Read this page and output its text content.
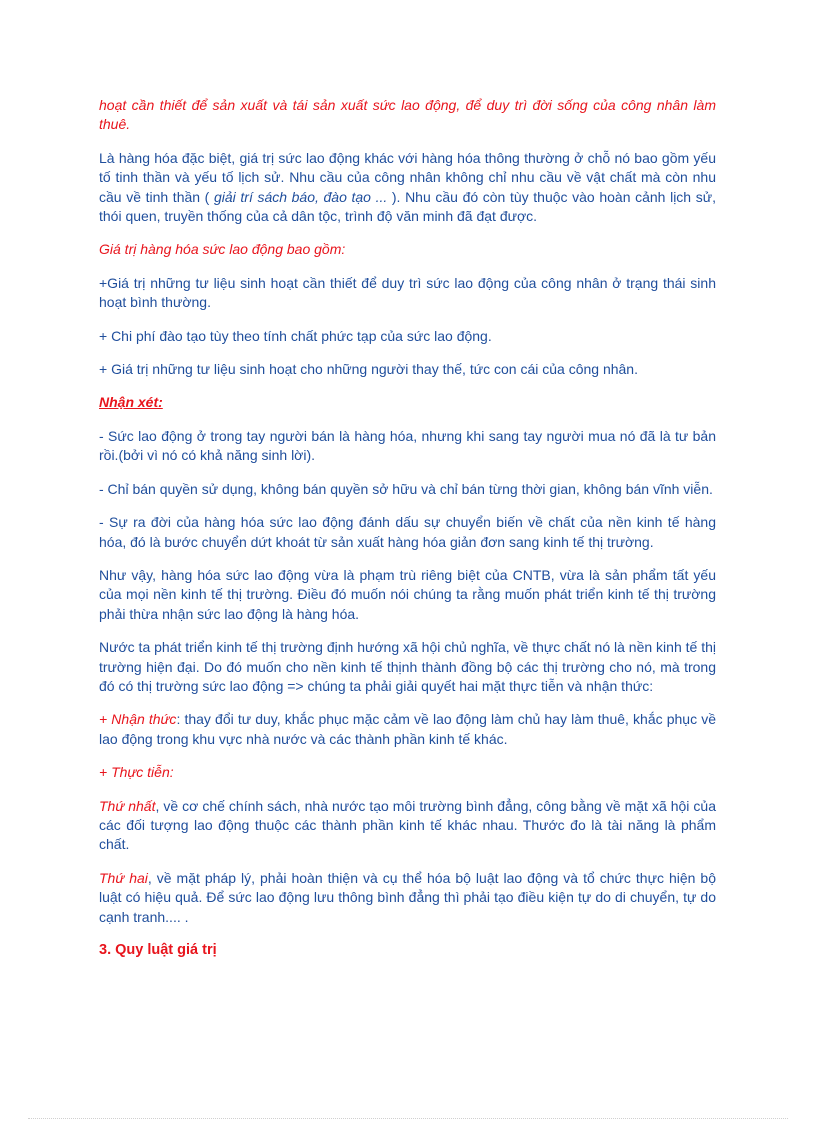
hoạt cần thiết để sản xuất và tái sản xuất sức lao động, để duy trì đời sống của công nhân làm thuê.

Là hàng hóa đặc biệt, giá trị sức lao động khác với hàng hóa thông thường ở chỗ nó bao gồm yếu tố tinh thần và yếu tố lịch sử. Nhu cầu của công nhân không chỉ nhu cầu về vật chất mà còn nhu cầu về tinh thần ( giải trí sách báo, đào tạo ... ). Nhu cầu đó còn tùy thuộc vào hoàn cảnh lịch sử, thói quen, truyền thống của cả dân tộc, trình độ văn minh đã đạt được.

Giá trị hàng hóa sức lao động bao gồm:

+Giá trị những tư liệu sinh hoạt cần thiết để duy trì sức lao động của công nhân ở trạng thái sinh hoạt bình thường.

+ Chi phí đào tạo tùy theo tính chất phức tạp của sức lao động.

+ Giá trị những tư liệu sinh hoạt cho những người thay thế, tức con cái của công nhân.

Nhận xét:

- Sức lao động ở trong tay người bán là hàng hóa, nhưng khi sang tay người mua nó đã là tư bản rồi.(bởi vì nó có khả năng sinh lời).

- Chỉ bán quyền sử dụng, không bán quyền sở hữu và chỉ bán từng thời gian, không bán vĩnh viễn.

- Sự ra đời của hàng hóa sức lao động đánh dấu sự chuyển biến về chất của nền kinh tế hàng hóa, đó là bước chuyển dứt khoát từ sản xuất hàng hóa giản đơn sang kinh tế thị trường.

Như vậy, hàng hóa sức lao động vừa là phạm trù riêng biệt của CNTB, vừa là sản phẩm tất yếu của mọi nền kinh tế thị trường. Điều đó muốn nói chúng ta rằng muốn phát triển kinh tế thị trường phải thừa nhận sức lao động là hàng hóa.

Nước ta phát triển kinh tế thị trường định hướng xã hội chủ nghĩa, về thực chất nó là nền kinh tế thị trường hiện đại. Do đó muốn cho nền kinh tế thịnh thành đồng bộ các thị trường cho nó, mà trong đó có thị trường sức lao động => chúng ta phải giải quyết hai mặt thực tiễn và nhận thức:

+ Nhận thức: thay đổi tư duy, khắc phục mặc cảm về lao động làm chủ hay làm thuê, khắc phục về lao động trong khu vực nhà nước và các thành phần kinh tế khác.

+ Thực tiễn:

Thứ nhất, về cơ chế chính sách, nhà nước tạo môi trường bình đẳng, công bằng về mặt xã hội của các đối tượng lao động thuộc các thành phần kinh tế khác nhau. Thước đo là tài năng là phẩm chất.

Thứ hai, về mặt pháp lý, phải hoàn thiện và cụ thể hóa bộ luật lao động và tổ chức thực hiện bộ luật có hiệu quả. Để sức lao động lưu thông bình đẳng thì phải tạo điều kiện tự do di chuyển, tự do cạnh tranh.... .

3. Quy luật giá trị
